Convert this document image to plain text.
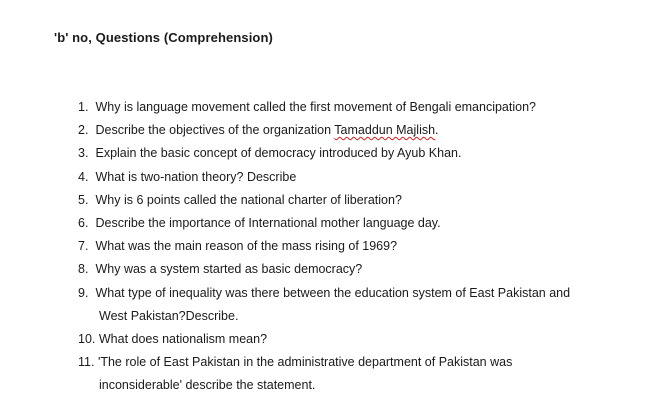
'b' no, Questions (Comprehension)
1. Why is language movement called the first movement of Bengali emancipation?
2. Describe the objectives of the organization Tamaddun Majlish.
3. Explain the basic concept of democracy introduced by Ayub Khan.
4. What is two-nation theory? Describe
5. Why is 6 points called the national charter of liberation?
6. Describe the importance of International mother language day.
7. What was the main reason of the mass rising of 1969?
8. Why was a system started as basic democracy?
9. What type of inequality was there between the education system of East Pakistan and
West Pakistan?Describe.
10. What does nationalism mean?
11. 'The role of East Pakistan in the administrative department of Pakistan was
inconsiderable' describe the statement.
